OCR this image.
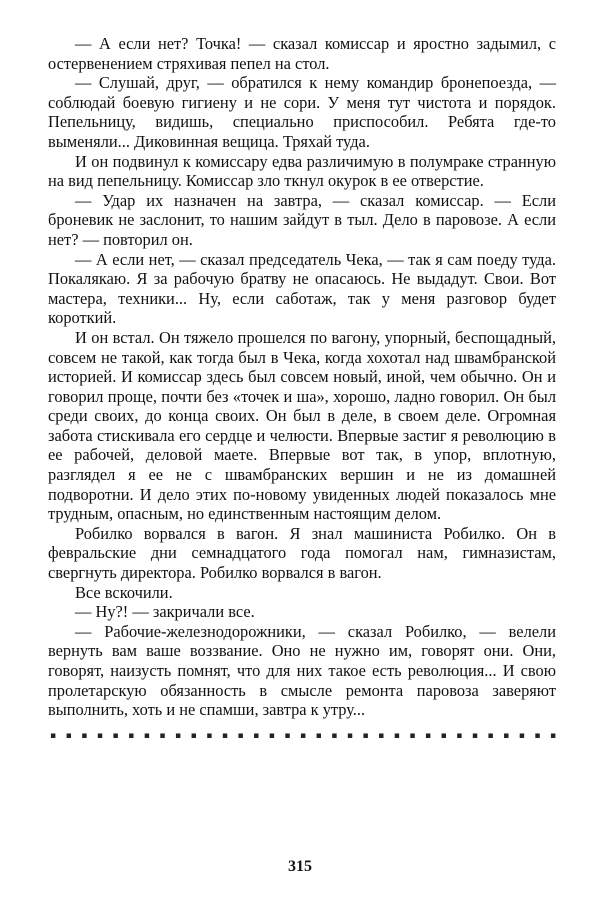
— А если нет? Точка! — сказал комиссар и яростно задымил, с остервенением стряхивая пепел на стол.

— Слушай, друг, — обратился к нему командир бронепоезда, — соблюдай боевую гигиену и не сори. У меня тут чистота и порядок. Пепельницу, видишь, специально приспособил. Ребята где-то выменяли... Диковинная вещица. Тряхай туда.

И он подвинул к комиссару едва различимую в полумраке странную на вид пепельницу. Комиссар зло ткнул окурок в ее отверстие.

— Удар их назначен на завтра, — сказал комиссар. — Если броневик не заслонит, то нашим зайдут в тыл. Дело в паровозе. А если нет? — повторил он.

— А если нет, — сказал председатель Чека, — так я сам поеду туда. Покалякаю. Я за рабочую братву не опасаюсь. Не выдадут. Свои. Вот мастера, техники... Ну, если саботаж, так у меня разговор будет короткий.

И он встал. Он тяжело прошелся по вагону, упорный, беспощадный, совсем не такой, как тогда был в Чека, когда хохотал над швамбранской историей. И комиссар здесь был совсем новый, иной, чем обычно. Он и говорил проще, почти без «точек и ша», хорошо, ладно говорил. Он был среди своих, до конца своих. Он был в деле, в своем деле. Огромная забота стискивала его сердце и челюсти. Впервые застиг я революцию в ее рабочей, деловой маете. Впервые вот так, в упор, вплотную, разглядел я ее не с швамбранских вершин и не из домашней подворотни. И дело этих по-новому увиденных людей показалось мне трудным, опасным, но единственным настоящим делом.

Робилко ворвался в вагон. Я знал машиниста Робилко. Он в февральские дни семнадцатого года помогал нам, гимназистам, свергнуть директора. Робилко ворвался в вагон.

Все вскочили.

— Ну?! — закричали все.

— Рабочие-железнодорожники, — сказал Робилко, — велели вернуть вам ваше воззвание. Оно не нужно им, говорят они. Они, говорят, наизусть помнят, что для них такое есть революция... И свою пролетарскую обязанность в смысле ремонта паровоза заверяют выполнить, хоть и не спамши, завтра к утру...

▪ ▪ ▪ ▪ ▪ ▪ ▪ ▪ ▪ ▪ ▪ ▪ ▪ ▪ ▪ ▪ ▪ ▪ ▪ ▪ ▪ ▪ ▪ ▪ ▪ ▪ ▪ ▪ ▪ ▪ ▪ ▪ ▪
315
